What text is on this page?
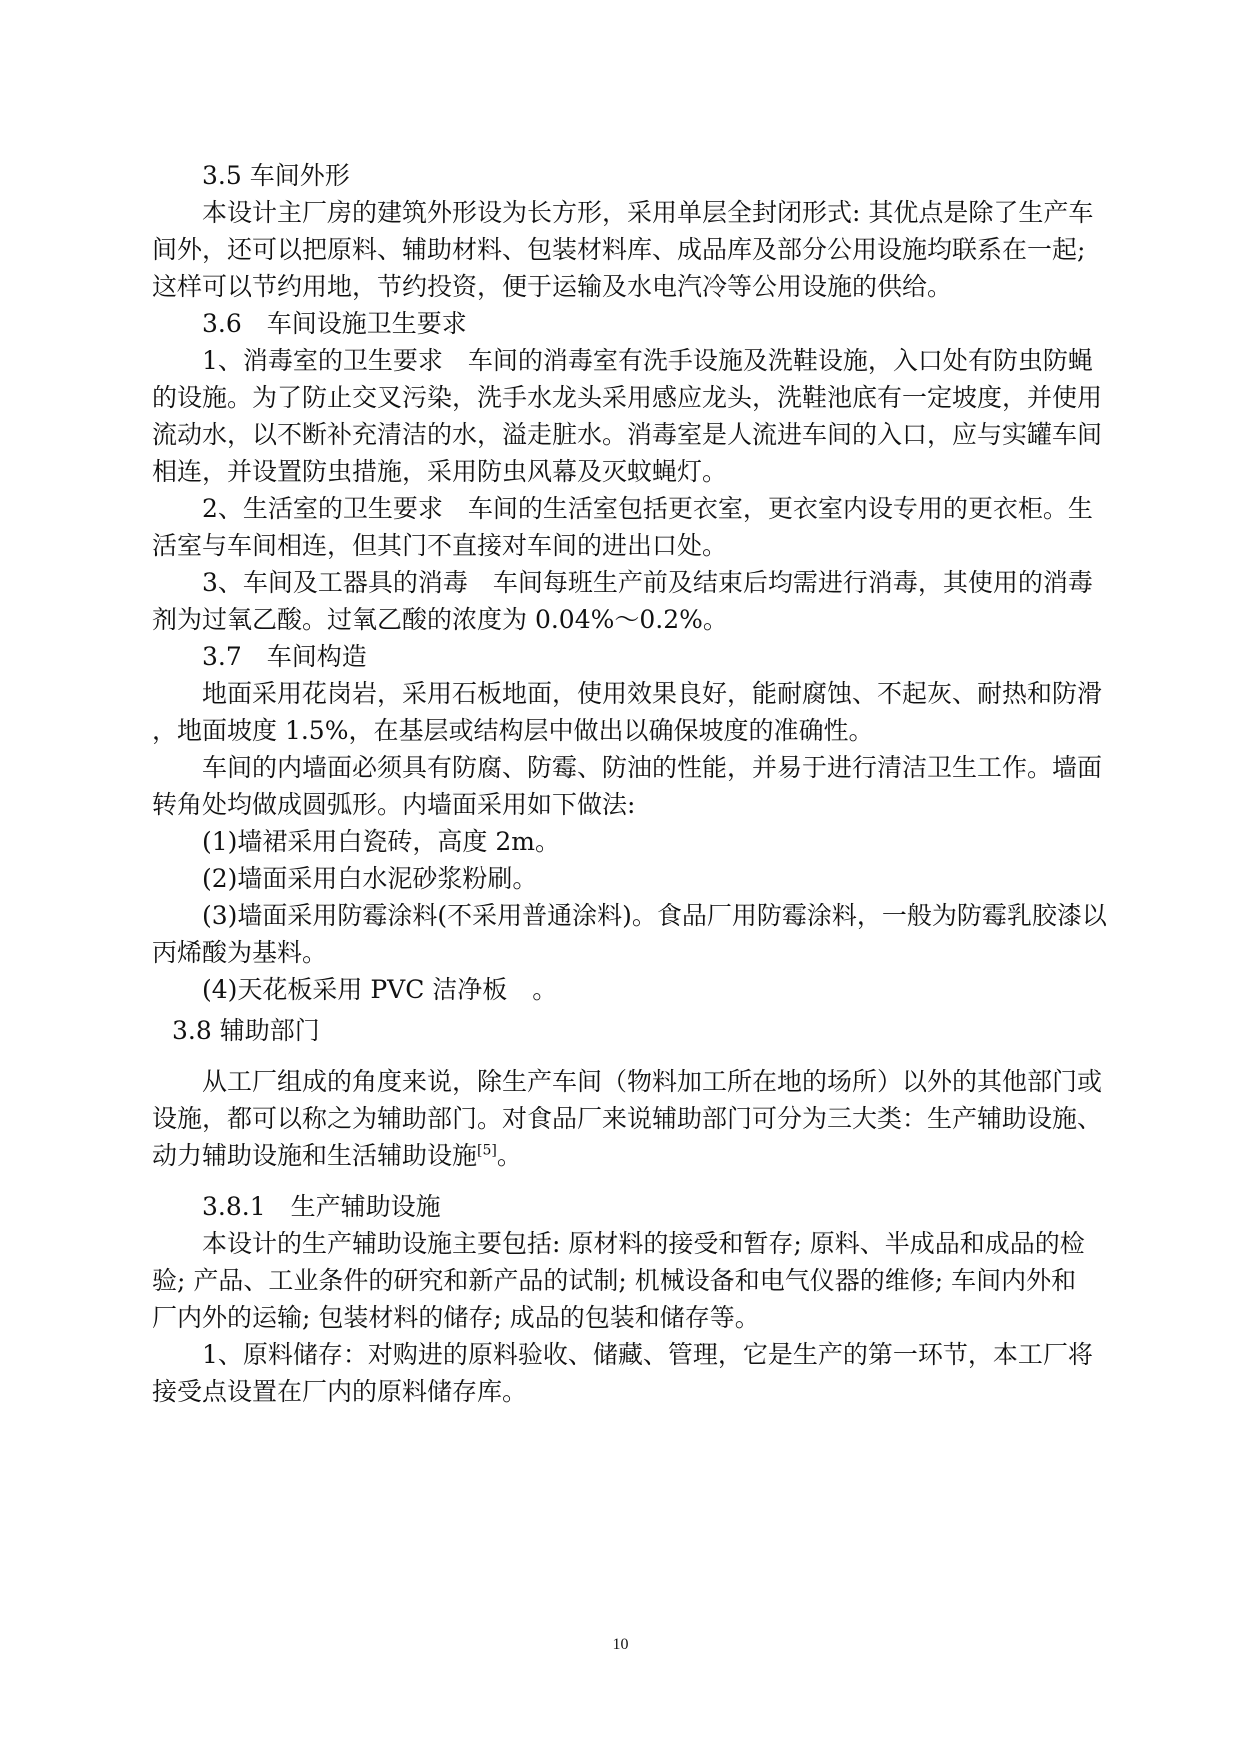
3.5 车间外形

本设计主厂房的建筑外形设为长方形，采用单层全封闭形式: 其优点是除了生产车

间外，还可以把原料、辅助材料、包装材料库、成品库及部分公用设施均联系在一起;

这样可以节约用地，节约投资，便于运输及水电汽冷等公用设施的供给。

3.6　车间设施卫生要求

1、消毒室的卫生要求　车间的消毒室有洗手设施及洗鞋设施，入口处有防虫防蝇

的设施。为了防止交叉污染，洗手水龙头采用感应龙头，洗鞋池底有一定坡度，并使用

流动水，以不断补充清洁的水，溢走脏水。消毒室是人流进车间的入口，应与实罐车间

相连，并设置防虫措施，采用防虫风幕及灭蚊蝇灯。

2、生活室的卫生要求　车间的生活室包括更衣室，更衣室内设专用的更衣柜。生

活室与车间相连，但其门不直接对车间的进出口处。

3、车间及工器具的消毒　车间每班生产前及结束后均需进行消毒，其使用的消毒

剂为过氧乙酸。过氧乙酸的浓度为 0.04%～0.2%。

3.7　车间构造

地面采用花岗岩，采用石板地面，使用效果良好，能耐腐蚀、不起灰、耐热和防滑

，地面坡度 1.5%，在基层或结构层中做出以确保坡度的准确性。

车间的内墙面必须具有防腐、防霉、防油的性能，并易于进行清洁卫生工作。墙面

转角处均做成圆弧形。内墙面采用如下做法:

(1)墙裙采用白瓷砖，高度 2m。

(2)墙面采用白水泥砂浆粉刷。

(3)墙面采用防霉涂料(不采用普通涂料)。食品厂用防霉涂料，一般为防霉乳胶漆以

丙烯酸为基料。

(4)天花板采用 PVC 洁净板　。

3.8 辅助部门

从工厂组成的角度来说，除生产车间（物料加工所在地的场所）以外的其他部门或

设施，都可以称之为辅助部门。对食品厂来说辅助部门可分为三大类：生产辅助设施、

动力辅助设施和生活辅助设施[5]。

3.8.1　生产辅助设施

本设计的生产辅助设施主要包括: 原材料的接受和暂存; 原料、半成品和成品的检

验; 产品、工业条件的研究和新产品的试制; 机械设备和电气仪器的维修; 车间内外和

厂内外的运输; 包装材料的储存; 成品的包装和储存等。

1、原料储存：对购进的原料验收、储藏、管理，它是生产的第一环节，本工厂将

接受点设置在厂内的原料储存库。

10
